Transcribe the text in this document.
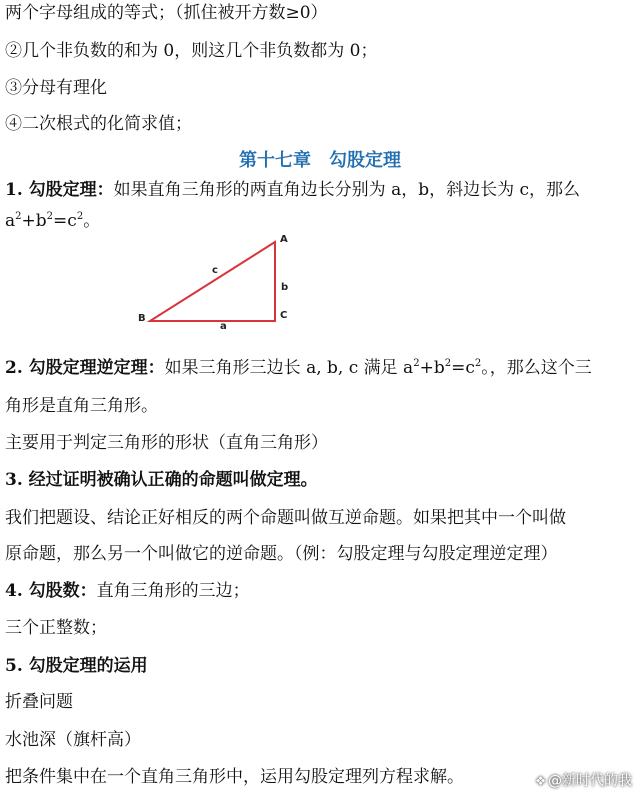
两个字母组成的等式；（抓住被开方数≥0）
②几个非负数的和为 0，则这几个非负数都为 0；
③分母有理化
④二次根式的化简求值；
第十七章　勾股定理
1. 勾股定理：如果直角三角形的两直角边长分别为 a，b，斜边长为 c，那么
$a^2+b^2=c^2$。
A
B	C
a
b
c
2. 勾股定理逆定理：如果三角形三边长 a, b, c 满足 $a^2+b^2=c^2$。，那么这个三
角形是直角三角形。
主要用于判定三角形的形状（直角三角形）
3. 经过证明被确认正确的命题叫做定理。
我们把题设、结论正好相反的两个命题叫做互逆命题。如果把其中一个叫做
原命题，那么另一个叫做它的逆命题。（例：勾股定理与勾股定理逆定理）
4. 勾股数：直角三角形的三边；
三个正整数；
5. 勾股定理的运用
折叠问题
水池深（旗杆高）
把条件集中在一个直角三角形中，运用勾股定理列方程求解。	❖ @新时代的我
